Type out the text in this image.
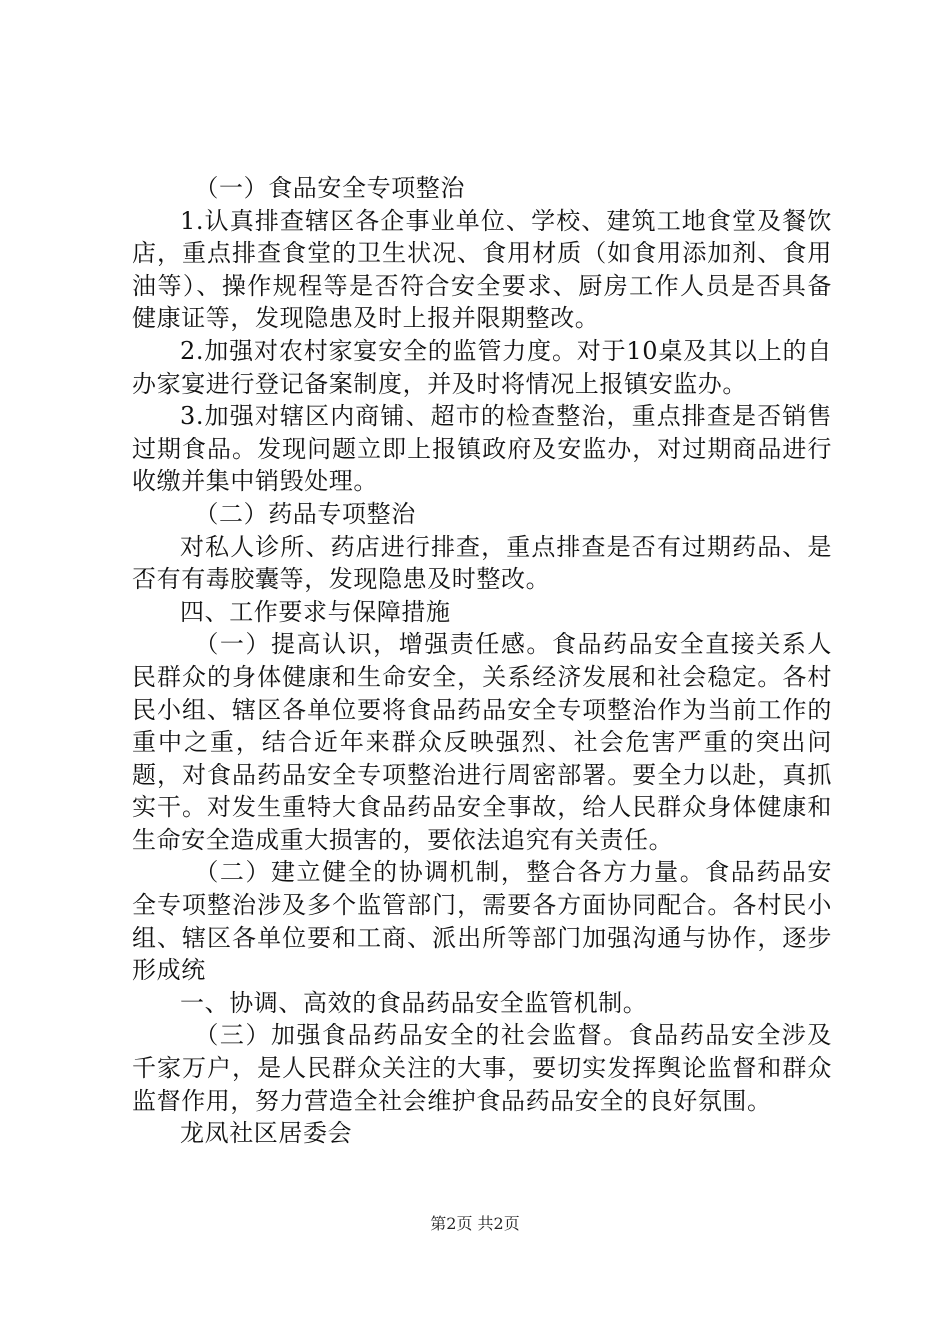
（一）食品安全专项整治

1.认真排查辖区各企事业单位、学校、建筑工地食堂及餐饮店，重点排查食堂的卫生状况、食用材质（如食用添加剂、食用油等）、操作规程等是否符合安全要求、厨房工作人员是否具备健康证等，发现隐患及时上报并限期整改。

2.加强对农村家宴安全的监管力度。对于10桌及其以上的自办家宴进行登记备案制度，并及时将情况上报镇安监办。

3.加强对辖区内商铺、超市的检查整治，重点排查是否销售过期食品。发现问题立即上报镇政府及安监办，对过期商品进行收缴并集中销毁处理。

（二）药品专项整治

对私人诊所、药店进行排查，重点排查是否有过期药品、是否有有毒胶囊等，发现隐患及时整改。

四、工作要求与保障措施

（一）提高认识，增强责任感。食品药品安全直接关系人民群众的身体健康和生命安全，关系经济发展和社会稳定。各村民小组、辖区各单位要将食品药品安全专项整治作为当前工作的重中之重，结合近年来群众反映强烈、社会危害严重的突出问题，对食品药品安全专项整治进行周密部署。要全力以赴，真抓实干。对发生重特大食品药品安全事故，给人民群众身体健康和生命安全造成重大损害的，要依法追究有关责任。

（二）建立健全的协调机制，整合各方力量。食品药品安全专项整治涉及多个监管部门，需要各方面协同配合。各村民小组、辖区各单位要和工商、派出所等部门加强沟通与协作，逐步形成统

一、协调、高效的食品药品安全监管机制。

（三）加强食品药品安全的社会监督。食品药品安全涉及千家万户，是人民群众关注的大事，要切实发挥舆论监督和群众监督作用，努力营造全社会维护食品药品安全的良好氛围。

龙凤社区居委会

第2页 共2页
